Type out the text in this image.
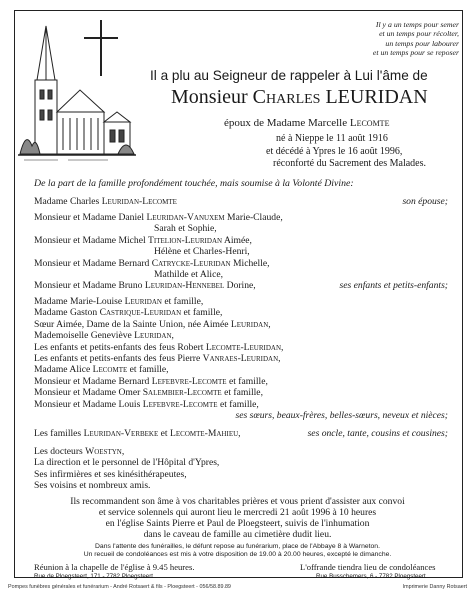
Il y a un temps pour semer
et un temps pour récolter,
un temps pour labourer
et un temps pour se reposer
Il a plu au Seigneur de rappeler à Lui l'âme de
Monsieur Charles LEURIDAN
époux de Madame Marcelle Lecomte
né à Nieppe le 11 août 1916
et décédé à Ypres le 16 août 1996,
réconforté du Sacrement des Malades.
De la part de la famille profondément touchée, mais soumise à la Volonté Divine:
Madame Charles Leuridan-Lecomte	son épouse;
Monsieur et Madame Daniel Leuridan-Vanuxem Marie-Claude,
Sarah et Sophie,
Monsieur et Madame Michel Titelion-Leuridan Aimée,
Hélène et Charles-Henri,
Monsieur et Madame Bernard Catrycke-Leuridan Michelle,
Mathilde et Alice,
Monsieur et Madame Bruno Leuridan-Hennebel Dorine,	ses enfants et petits-enfants;
Madame Marie-Louise Leuridan et famille,
Madame Gaston Castrique-Leuridan et famille,
Sœur Aimée, Dame de la Sainte Union, née Aimée Leuridan,
Mademoiselle Geneviève Leuridan,
Les enfants et petits-enfants des feus Robert Lecomte-Leuridan,
Les enfants et petits-enfants des feus Pierre Vanraes-Leuridan,
Madame Alice Lecomte et famille,
Monsieur et Madame Bernard Lefebvre-Lecomte et famille,
Monsieur et Madame Omer Salembier-Lecomte et famille,
Monsieur et Madame Louis Lefebvre-Lecomte et famille,
ses sœurs, beaux-frères, belles-sœurs, neveux et nièces;
Les familles Leuridan-Verbeke et Lecomte-Mahieu,	ses oncle, tante, cousins et cousines;
Les docteurs Woestyn,
La direction et le personnel de l'Hôpital d'Ypres,
Ses infirmières et ses kinésithérapeutes,
Ses voisins et nombreux amis.
Ils recommandent son âme à vos charitables prières et vous prient d'assister aux convoi
et service solennels qui auront lieu le mercredi 21 août 1996 à 10 heures
en l'église Saints Pierre et Paul de Ploegsteert, suivis de l'inhumation
dans le caveau de famille au cimetière dudit lieu.
Dans l'attente des funérailles, le défunt repose au funérarium, place de l'Abbaye 8 à Warneton.
Un recueil de condoléances est mis à votre disposition de 19.00 à 20.00 heures, excepté le dimanche.
Réunion à la chapelle de l'église à 9.45 heures.	L'offrande tiendra lieu de condoléances
Rue de Ploegsteert, 171 - 7782 Ploegsteert	Rue Busschemers, 6 - 7782 Ploegsteert
Pompes funèbres générales et funérarium - André Rotsaert & fils - Ploegsteert - 056/58.89.89	Imprimerie Danny Rotsaert
